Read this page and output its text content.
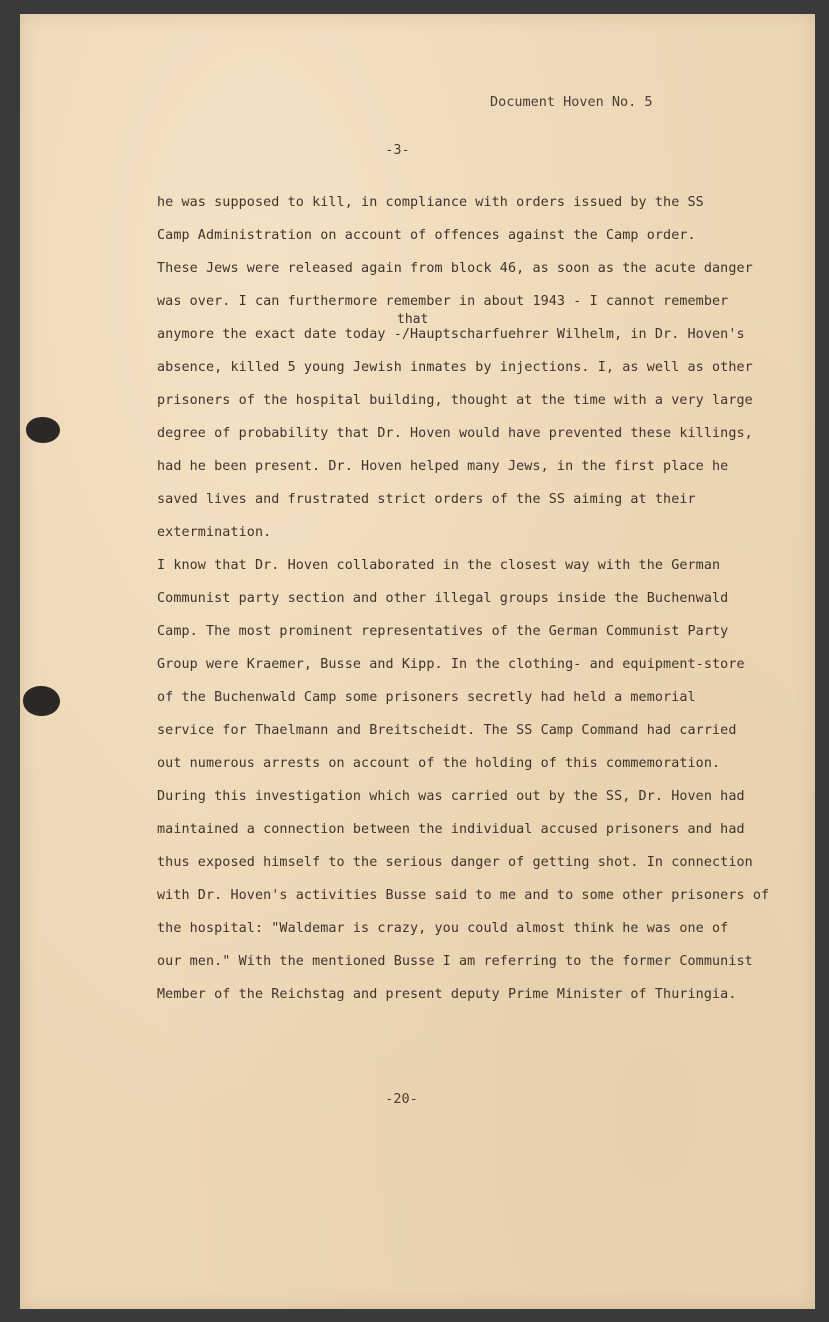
Document Hoven No. 5
-3-
that
he was supposed to kill, in compliance with orders issued by the SS
Camp Administration on account of offences against the Camp order.
These Jews were released again from block 46, as soon as the acute danger
was over. I can furthermore remember in about 1943 - I cannot remember
anymore the exact date today -/Hauptscharfuehrer Wilhelm, in Dr. Hoven's
absence, killed 5 young Jewish inmates by injections. I, as well as other
prisoners of the hospital building, thought at the time with a very large
degree of probability that Dr. Hoven would have prevented these killings,
had he been present. Dr. Hoven helped many Jews, in the first place he
saved lives and frustrated strict orders of the SS aiming at their
extermination.
I know that Dr. Hoven collaborated in the closest way with the German
Communist party section and other illegal groups inside the Buchenwald
Camp. The most prominent representatives of the German Communist Party
Group were Kraemer, Busse and Kipp. In the clothing- and equipment-store
of the Buchenwald Camp some prisoners secretly had held a memorial
service for Thaelmann and Breitscheidt. The SS Camp Command had carried
out numerous arrests on account of the holding of this commemoration.
During this investigation which was carried out by the SS, Dr. Hoven had
maintained a connection between the individual accused prisoners and had
thus exposed himself to the serious danger of getting shot. In connection
with Dr. Hoven's activities Busse said to me and to some other prisoners of
the hospital: "Waldemar is crazy, you could almost think he was one of
our men." With the mentioned Busse I am referring to the former Communist
Member of the Reichstag and present deputy Prime Minister of Thuringia.
-20-
